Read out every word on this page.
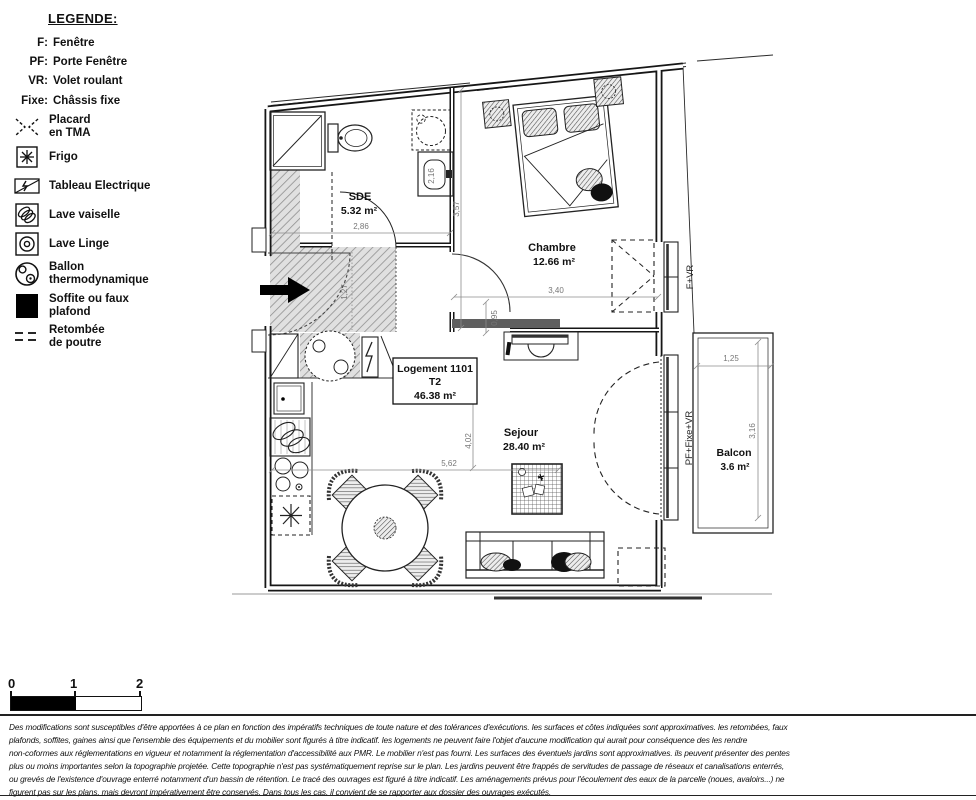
LEGENDE:
F: Fenêtre
PF: Porte Fenêtre
VR: Volet roulant
Fixe: Châssis fixe
Placard
en TMA
Frigo
Tableau Electrique
Lave vaiselle
Lave Linge
Ballon
thermodynamique
Soffite ou faux
plafond
Retombée
de poutre
F+VR
PF+Fixe+VR
2,86
3,57
3,40
0,95
5,62
4,02
1,25
3,16
2,16
1,27
SDE
5.32 m²
Chambre
12.66 m²
Sejour
28.40 m²	Balcon
3.6 m²
Logement 1101
T2
46.38 m²
0	1	2
Des modifications sont susceptibles d'être apportées à ce plan en fonction des impératifs techniques de toute nature et des tolérances d'exécutions. les surfaces et côtes indiquées sont approximatives. les retombées, faux
plafonds, soffites, gaines ainsi que l'ensemble des équipements et du mobilier sont figurés à titre indicatif. les logements ne peuvent faire l'objet d'aucune modification qui aurait pour conséquence des les rendre
non-coformes aux réglementations en vigueur et notamment la réglementation d'accessibilité aux PMR. Le mobilier n'est pas fourni. Les surfaces des éventuels jardins sont approximatives. ils peuvent présenter des pentes
plus ou moins importantes selon la topographie projetée. Cette topographie n'est pas systématiquement reprise sur le plan. Les jardins peuvent être frappés de servitudes de passage de réseaux et canalisations enterrés,
ou grevés de l'existence d'ouvrage enterré notamment d'un bassin de rétention. Le tracé des ouvrages est figuré à titre indicatif. Les aménagements prévus pour l'écoulement des eaux de la parcelle (noues, avaloirs...) ne
figurent pas sur les plans, mais devront impérativement être conservés. Dans tous les cas, il convient de se rapporter aux dossier des ouvrages exécutés.
